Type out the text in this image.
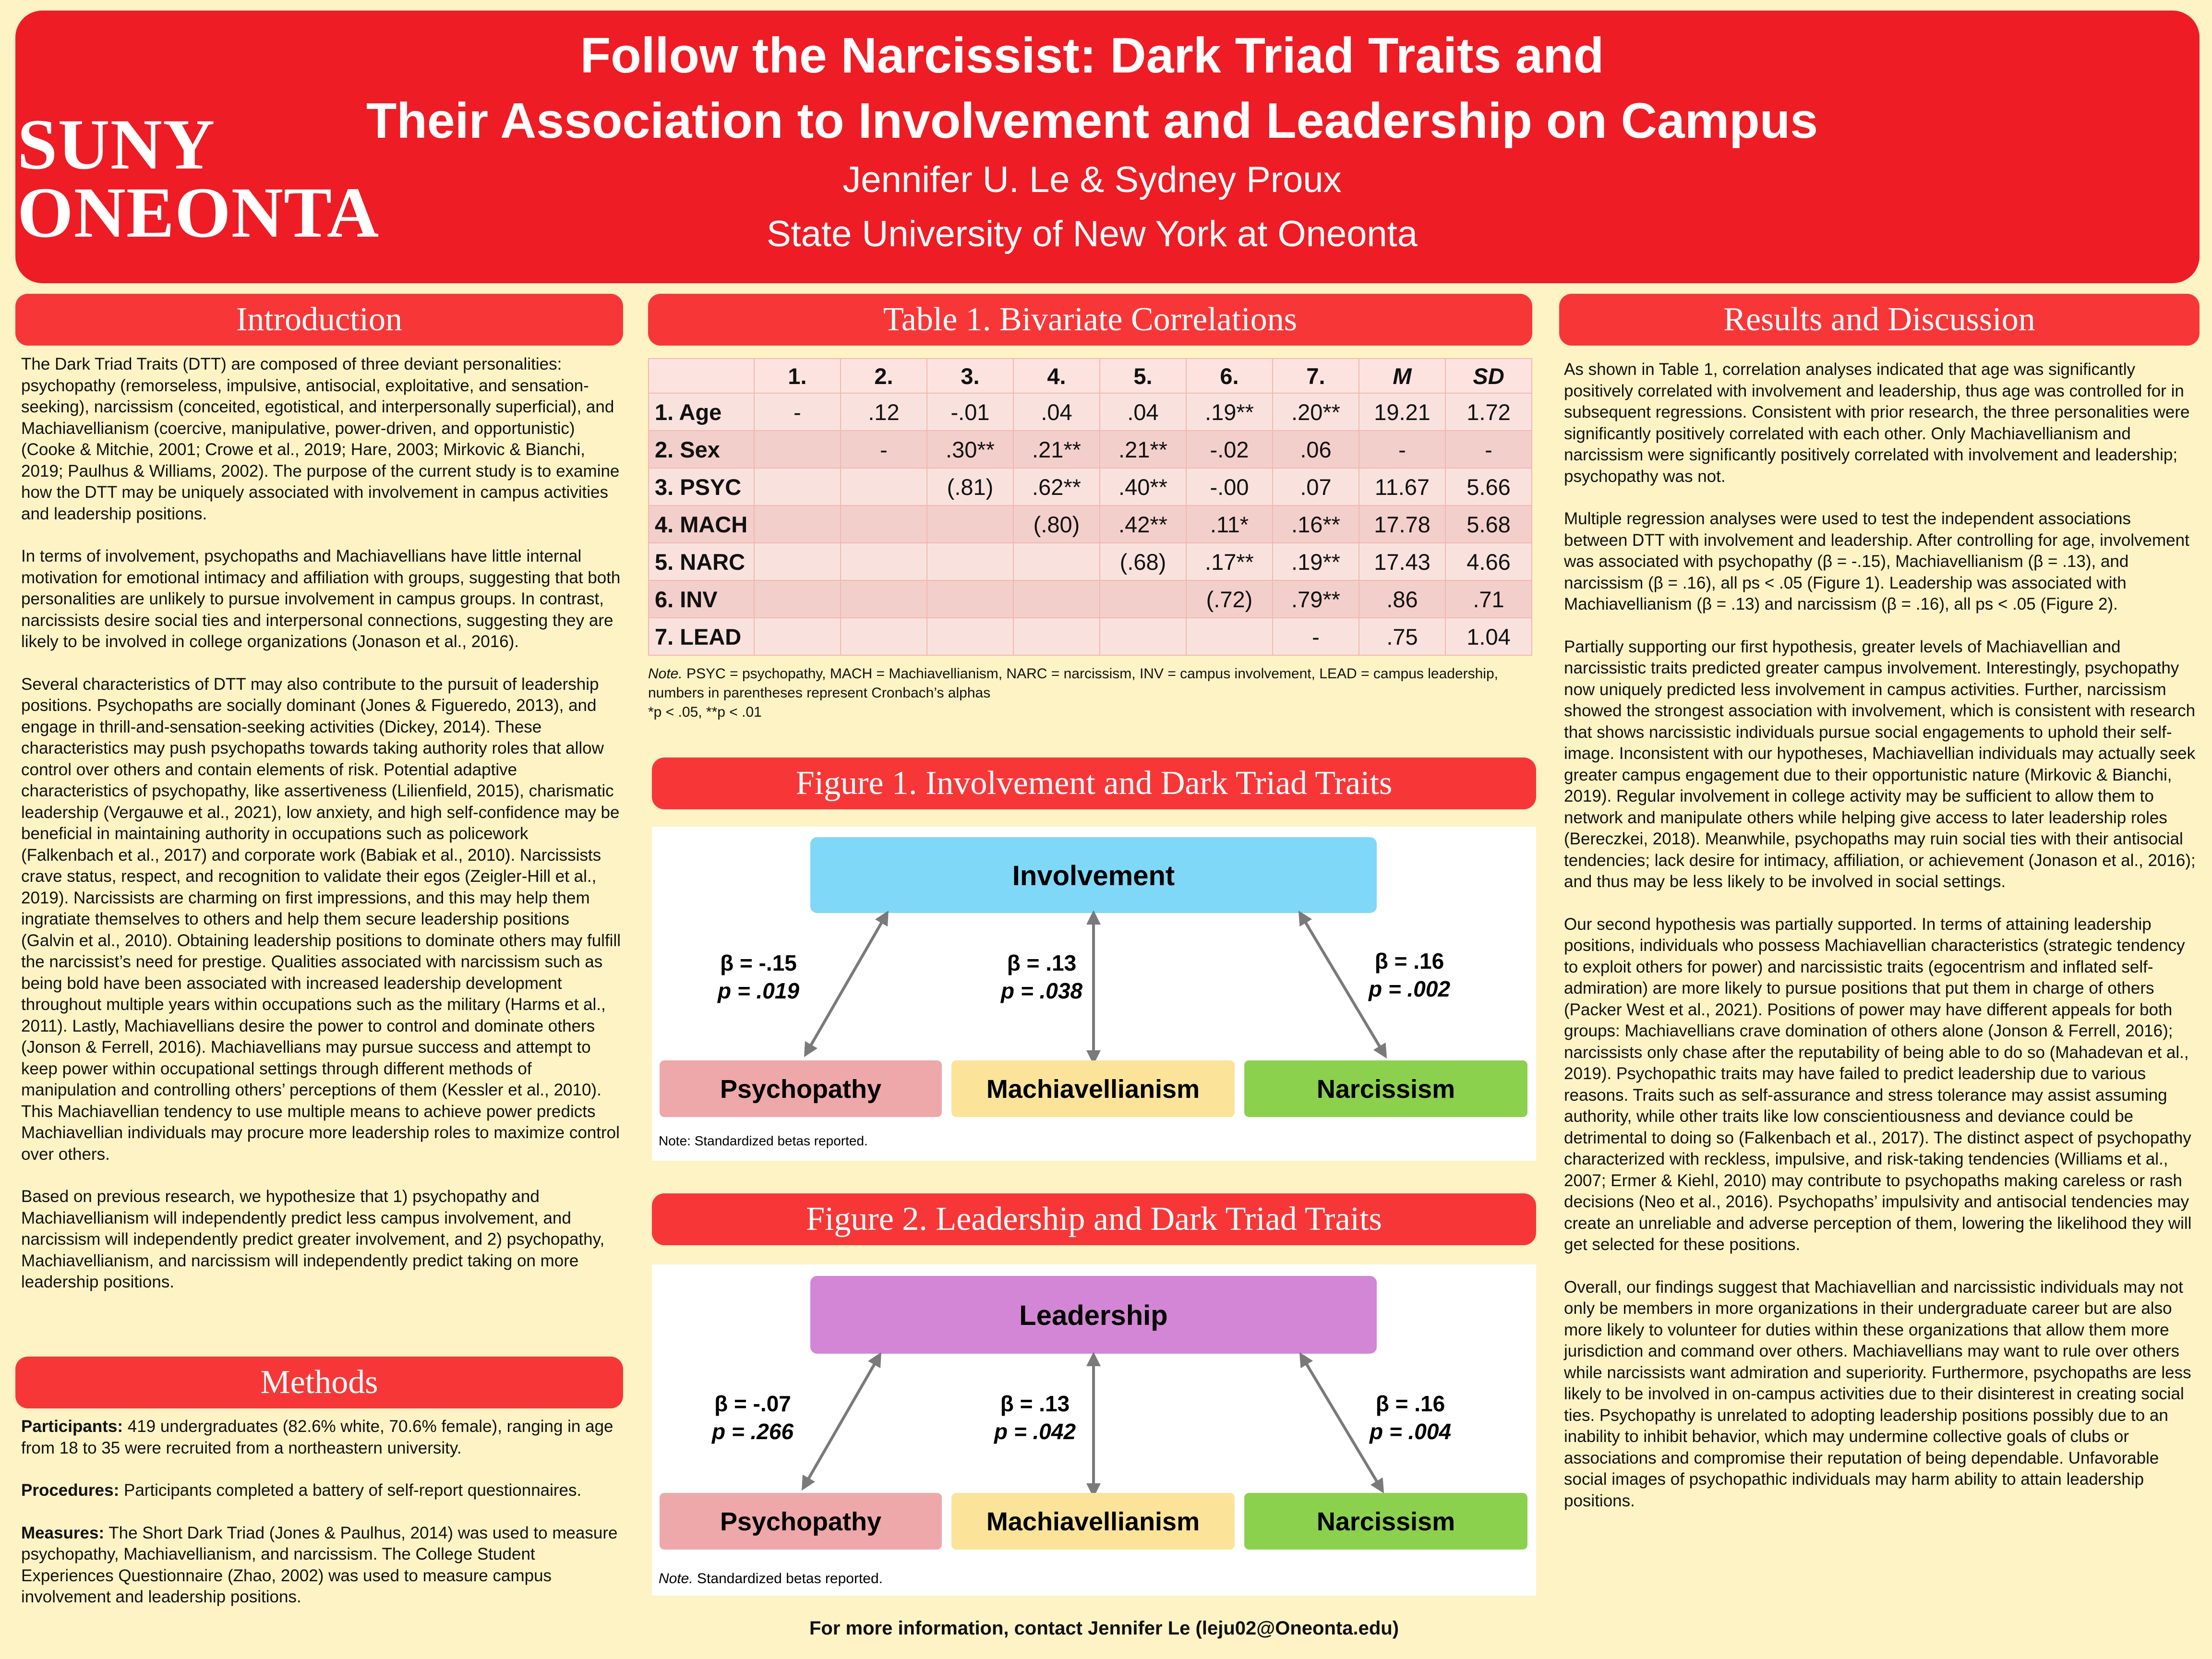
SUNY
ONEONTA
Follow the Narcissist: Dark Triad Traits and
Their Association to Involvement and Leadership on Campus
Jennifer U. Le & Sydney Proux
State University of New York at Oneonta
Introduction

The Dark Triad Traits (DTT) are composed of three deviant personalities: psychopathy (remorseless, impulsive, antisocial, exploitative, and sensation-seeking), narcissism (conceited, egotistical, and interpersonally superficial), and Machiavellianism (coercive, manipulative, power-driven, and opportunistic) (Cooke & Mitchie, 2001; Crowe et al., 2019; Hare, 2003; Mirkovic & Bianchi, 2019; Paulhus & Williams, 2002). The purpose of the current study is to examine how the DTT may be uniquely associated with involvement in campus activities and leadership positions.

In terms of involvement, psychopaths and Machiavellians have little internal motivation for emotional intimacy and affiliation with groups, suggesting that both personalities are unlikely to pursue involvement in campus groups. In contrast, narcissists desire social ties and interpersonal connections, suggesting they are likely to be involved in college organizations (Jonason et al., 2016).

Several characteristics of DTT may also contribute to the pursuit of leadership positions. Psychopaths are socially dominant (Jones & Figueredo, 2013), and engage in thrill-and-sensation-seeking activities (Dickey, 2014). These characteristics may push psychopaths towards taking authority roles that allow control over others and contain elements of risk. Potential adaptive characteristics of psychopathy, like assertiveness (Lilienfield, 2015), charismatic leadership (Vergauwe et al., 2021), low anxiety, and high self-confidence may be beneficial in maintaining authority in occupations such as policework (Falkenbach et al., 2017) and corporate work (Babiak et al., 2010). Narcissists crave status, respect, and recognition to validate their egos (Zeigler-Hill et al., 2019). Narcissists are charming on first impressions, and this may help them ingratiate themselves to others and help them secure leadership positions (Galvin et al., 2010). Obtaining leadership positions to dominate others may fulfill the narcissist’s need for prestige. Qualities associated with narcissism such as being bold have been associated with increased leadership development throughout multiple years within occupations such as the military (Harms et al., 2011). Lastly, Machiavellians desire the power to control and dominate others (Jonson & Ferrell, 2016). Machiavellians may pursue success and attempt to keep power within occupational settings through different methods of manipulation and controlling others’ perceptions of them (Kessler et al., 2010). This Machiavellian tendency to use multiple means to achieve power predicts Machiavellian individuals may procure more leadership roles to maximize control over others.

Based on previous research, we hypothesize that 1) psychopathy and Machiavellianism will independently predict less campus involvement, and narcissism will independently predict greater involvement, and 2) psychopathy, Machiavellianism, and narcissism will independently predict taking on more leadership positions.

Methods

Participants: 419 undergraduates (82.6% white, 70.6% female), ranging in age from 18 to 35 were recruited from a northeastern university.

Procedures: Participants completed a battery of self-report questionnaires.

Measures: The Short Dark Triad (Jones & Paulhus, 2014) was used to measure psychopathy, Machiavellianism, and narcissism. The College Student Experiences Questionnaire (Zhao, 2002) was used to measure campus involvement and leadership positions.

Table 1. Bivariate Correlations
	1.	2.	3.	4.	5.	6.	7.	M	SD
1. Age	-	.12	-.01	.04	.04	.19**	.20**	19.21	1.72
2. Sex		-	.30**	.21**	.21**	-.02	.06	-	-
3. PSYC			(.81)	.62**	.40**	-.00	.07	11.67	5.66
4. MACH				(.80)	.42**	.11*	.16**	17.78	5.68
5. NARC					(.68)	.17**	.19**	17.43	4.66
6. INV						(.72)	.79**	.86	.71
7. LEAD							-	.75	1.04
Note. PSYC = psychopathy, MACH = Machiavellianism, NARC = narcissism, INV = campus involvement, LEAD = campus leadership, numbers in parentheses represent Cronbach’s alphas
*p < .05, **p < .01
Figure 1. Involvement and Dark Triad Traits
Involvement
β = -.15
p = .019
β = .13
p = .038
β = .16
p = .002
Psychopathy	Machiavellianism	Narcissism
Note: Standardized betas reported.
Figure 2. Leadership and Dark Triad Traits
Leadership
β = -.07
p = .266
β = .13
p = .042
β = .16
p = .004
Psychopathy	Machiavellianism	Narcissism
Note. Standardized betas reported.
Results and Discussion

As shown in Table 1, correlation analyses indicated that age was significantly positively correlated with involvement and leadership, thus age was controlled for in subsequent regressions. Consistent with prior research, the three personalities were significantly positively correlated with each other. Only Machiavellianism and narcissism were significantly positively correlated with involvement and leadership; psychopathy was not.

Multiple regression analyses were used to test the independent associations between DTT with involvement and leadership. After controlling for age, involvement was associated with psychopathy (β = -.15), Machiavellianism (β = .13), and narcissism (β = .16), all ps < .05 (Figure 1). Leadership was associated with Machiavellianism (β = .13) and narcissism (β = .16), all ps < .05 (Figure 2).

Partially supporting our first hypothesis, greater levels of Machiavellian and narcissistic traits predicted greater campus involvement. Interestingly, psychopathy now uniquely predicted less involvement in campus activities. Further, narcissism showed the strongest association with involvement, which is consistent with research that shows narcissistic individuals pursue social engagements to uphold their self-image. Inconsistent with our hypotheses, Machiavellian individuals may actually seek greater campus engagement due to their opportunistic nature (Mirkovic & Bianchi, 2019). Regular involvement in college activity may be sufficient to allow them to network and manipulate others while helping give access to later leadership roles (Bereczkei, 2018). Meanwhile, psychopaths may ruin social ties with their antisocial tendencies; lack desire for intimacy, affiliation, or achievement (Jonason et al., 2016); and thus may be less likely to be involved in social settings.

Our second hypothesis was partially supported. In terms of attaining leadership positions, individuals who possess Machiavellian characteristics (strategic tendency to exploit others for power) and narcissistic traits (egocentrism and inflated self-admiration) are more likely to pursue positions that put them in charge of others (Packer West et al., 2021). Positions of power may have different appeals for both groups: Machiavellians crave domination of others alone (Jonson & Ferrell, 2016); narcissists only chase after the reputability of being able to do so (Mahadevan et al., 2019). Psychopathic traits may have failed to predict leadership due to various reasons. Traits such as self-assurance and stress tolerance may assist assuming authority, while other traits like low conscientiousness and deviance could be detrimental to doing so (Falkenbach et al., 2017). The distinct aspect of psychopathy characterized with reckless, impulsive, and risk-taking tendencies (Williams et al., 2007; Ermer & Kiehl, 2010) may contribute to psychopaths making careless or rash decisions (Neo et al., 2016). Psychopaths’ impulsivity and antisocial tendencies may create an unreliable and adverse perception of them, lowering the likelihood they will get selected for these positions.

Overall, our findings suggest that Machiavellian and narcissistic individuals may not only be members in more organizations in their undergraduate career but are also more likely to volunteer for duties within these organizations that allow them more jurisdiction and command over others. Machiavellians may want to rule over others while narcissists want admiration and superiority. Furthermore, psychopaths are less likely to be involved in on-campus activities due to their disinterest in creating social ties. Psychopathy is unrelated to adopting leadership positions possibly due to an inability to inhibit behavior, which may undermine collective goals of clubs or associations and compromise their reputation of being dependable. Unfavorable social images of psychopathic individuals may harm ability to attain leadership positions.

For more information, contact Jennifer Le (leju02@Oneonta.edu)
